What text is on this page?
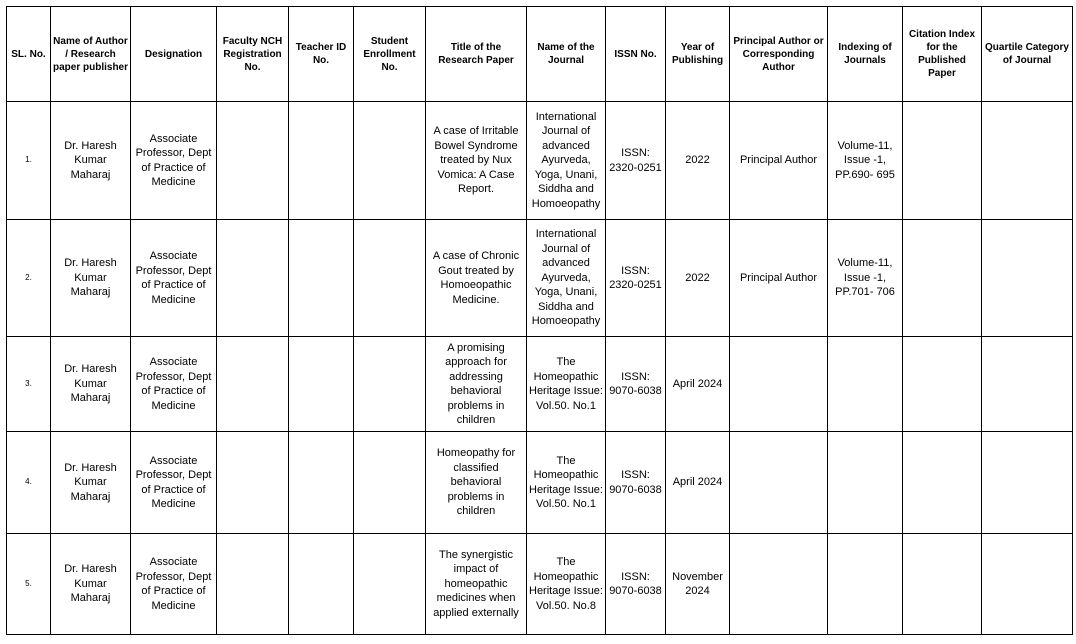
SL. No.	Name of Author / Research paper publisher	Designation	Faculty NCH Registration No.	Teacher ID No.	Student Enrollment No.	Title of the Research Paper	Name of the Journal	ISSN No.	Year of Publishing	Principal Author or Corresponding Author	Indexing of Journals	Citation Index for the Published Paper	Quartile Category of Journal
1.	Dr. Haresh Kumar Maharaj	Associate Professor, Dept of Practice of Medicine				A case of Irritable Bowel Syndrome treated by Nux Vomica: A Case Report.	International Journal of advanced Ayurveda, Yoga, Unani, Siddha and Homoeopathy	ISSN: 2320-0251	2022	Principal Author	Volume-11, Issue -1, PP.690- 695		
2.	Dr. Haresh Kumar Maharaj	Associate Professor, Dept of Practice of Medicine				A case of Chronic Gout treated by Homoeopathic Medicine.	International Journal of advanced Ayurveda, Yoga, Unani, Siddha and Homoeopathy	ISSN: 2320-0251	2022	Principal Author	Volume-11, Issue -1, PP.701- 706		
3.	Dr. Haresh Kumar Maharaj	Associate Professor, Dept of Practice of Medicine				A promising approach for addressing behavioral problems in children	The Homeopathic Heritage Issue: Vol.50. No.1	ISSN: 9070-6038	April 2024				
4.	Dr. Haresh Kumar Maharaj	Associate Professor, Dept of Practice of Medicine				Homeopathy for classified behavioral problems in children	The Homeopathic Heritage Issue: Vol.50. No.1	ISSN: 9070-6038	April 2024				
5.	Dr. Haresh Kumar Maharaj	Associate Professor, Dept of Practice of Medicine				The synergistic impact of homeopathic medicines when applied externally	The Homeopathic Heritage Issue: Vol.50. No.8	ISSN: 9070-6038	November 2024				
